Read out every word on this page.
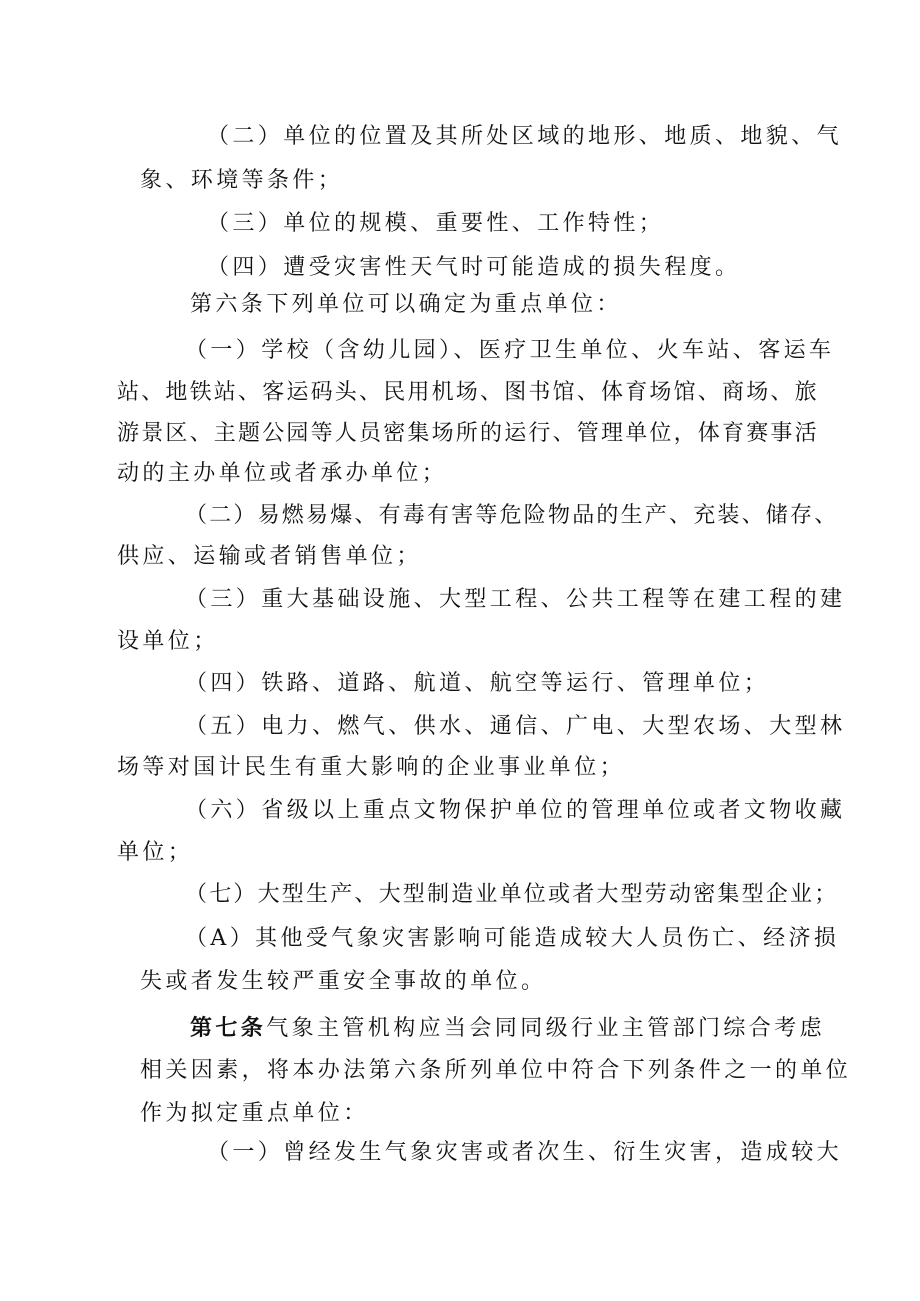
（二）单位的位置及其所处区域的地形、地质、地貌、气
象、环境等条件；
（三）单位的规模、重要性、工作特性；
（四）遭受灾害性天气时可能造成的损失程度。
第六条下列单位可以确定为重点单位：
（一）学校（含幼儿园）、医疗卫生单位、火车站、客运车
站、地铁站、客运码头、民用机场、图书馆、体育场馆、商场、旅
游景区、主题公园等人员密集场所的运行、管理单位，体育赛事活
动的主办单位或者承办单位；
（二）易燃易爆、有毒有害等危险物品的生产、充装、储存、
供应、运输或者销售单位；
（三）重大基础设施、大型工程、公共工程等在建工程的建
设单位；
（四）铁路、道路、航道、航空等运行、管理单位；
（五）电力、燃气、供水、通信、广电、大型农场、大型林
场等对国计民生有重大影响的企业事业单位；
（六）省级以上重点文物保护单位的管理单位或者文物收藏
单位；
（七）大型生产、大型制造业单位或者大型劳动密集型企业；
（A）其他受气象灾害影响可能造成较大人员伤亡、经济损
失或者发生较严重安全事故的单位。
第七条气象主管机构应当会同同级行业主管部门综合考虑
相关因素，将本办法第六条所列单位中符合下列条件之一的单位
作为拟定重点单位：
（一）曾经发生气象灾害或者次生、衍生灾害，造成较大
